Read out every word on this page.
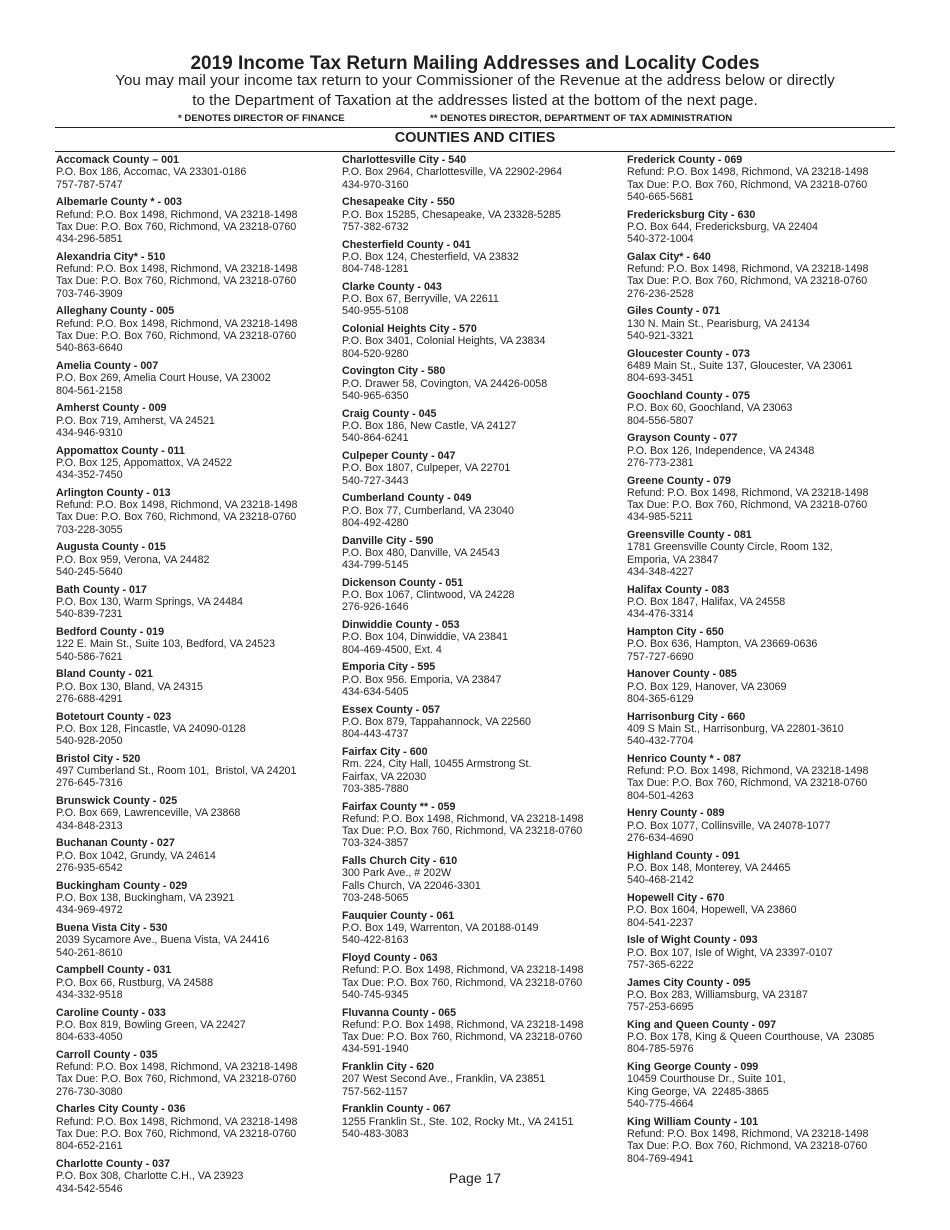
2019 Income Tax Return Mailing Addresses and Locality Codes
You may mail your income tax return to your Commissioner of the Revenue at the address below or directly
to the Department of Taxation at the addresses listed at the bottom of the next page.
* DENOTES DIRECTOR OF FINANCE	** DENOTES DIRECTOR, DEPARTMENT OF TAX ADMINISTRATION
COUNTIES AND CITIES
Accomack County – 001
P.O. Box 186, Accomac, VA 23301-0186
757-787-5747
Albemarle County * - 003
Refund: P.O. Box 1498, Richmond, VA 23218-1498
Tax Due: P.O. Box 760, Richmond, VA 23218-0760
434-296-5851
Alexandria City* - 510
Refund: P.O. Box 1498, Richmond, VA 23218-1498
Tax Due: P.O. Box 760, Richmond, VA 23218-0760
703-746-3909
Alleghany County - 005
Refund: P.O. Box 1498, Richmond, VA 23218-1498
Tax Due: P.O. Box 760, Richmond, VA 23218-0760
540-863-6640
Amelia County - 007
P.O. Box 269, Amelia Court House, VA 23002
804-561-2158
Amherst County - 009
P.O. Box 719, Amherst, VA 24521
434-946-9310
Appomattox County - 011
P.O. Box 125, Appomattox, VA 24522
434-352-7450
Arlington County - 013
Refund: P.O. Box 1498, Richmond, VA 23218-1498
Tax Due: P.O. Box 760, Richmond, VA 23218-0760
703-228-3055
Augusta County - 015
P.O. Box 959, Verona, VA 24482
540-245-5640
Bath County - 017
P.O. Box 130, Warm Springs, VA 24484
540-839-7231
Bedford County - 019
122 E. Main St., Suite 103, Bedford, VA 24523
540-586-7621
Bland County - 021
P.O. Box 130, Bland, VA 24315
276-688-4291
Botetourt County - 023
P.O. Box 128, Fincastle, VA 24090-0128
540-928-2050
Bristol City - 520
497 Cumberland St., Room 101,  Bristol, VA 24201
276-645-7316
Brunswick County - 025
P.O. Box 669, Lawrenceville, VA 23868
434-848-2313
Buchanan County - 027
P.O. Box 1042, Grundy, VA 24614
276-935-6542
Buckingham County - 029
P.O. Box 138, Buckingham, VA 23921
434-969-4972
Buena Vista City - 530
2039 Sycamore Ave., Buena Vista, VA 24416
540-261-8610
Campbell County - 031
P.O. Box 66, Rustburg, VA 24588
434-332-9518
Caroline County - 033
P.O. Box 819, Bowling Green, VA 22427
804-633-4050
Carroll County - 035
Refund: P.O. Box 1498, Richmond, VA 23218-1498
Tax Due: P.O. Box 760, Richmond, VA 23218-0760
276-730-3080
Charles City County - 036
Refund: P.O. Box 1498, Richmond, VA 23218-1498
Tax Due: P.O. Box 760, Richmond, VA 23218-0760
804-652-2161
Charlotte County - 037
P.O. Box 308, Charlotte C.H., VA 23923
434-542-5546
Charlottesville City - 540
P.O. Box 2964, Charlottesville, VA 22902-2964
434-970-3160
Chesapeake City - 550
P.O. Box 15285, Chesapeake, VA 23328-5285
757-382-6732
Chesterfield County - 041
P.O. Box 124, Chesterfield, VA 23832
804-748-1281
Clarke County - 043
P.O. Box 67, Berryville, VA 22611
540-955-5108
Colonial Heights City - 570
P.O. Box 3401, Colonial Heights, VA 23834
804-520-9280
Covington City - 580
P.O. Drawer 58, Covington, VA 24426-0058
540-965-6350
Craig County - 045
P.O. Box 186, New Castle, VA 24127
540-864-6241
Culpeper County - 047
P.O. Box 1807, Culpeper, VA 22701
540-727-3443
Cumberland County - 049
P.O. Box 77, Cumberland, VA 23040
804-492-4280
Danville City - 590
P.O. Box 480, Danville, VA 24543
434-799-5145
Dickenson County - 051
P.O. Box 1067, Clintwood, VA 24228
276-926-1646
Dinwiddie County - 053
P.O. Box 104, Dinwiddie, VA 23841
804-469-4500, Ext. 4
Emporia City - 595
P.O. Box 956. Emporia, VA 23847
434-634-5405
Essex County - 057
P.O. Box 879, Tappahannock, VA 22560
804-443-4737
Fairfax City - 600
Rm. 224, City Hall, 10455 Armstrong St.
Fairfax, VA 22030
703-385-7880
Fairfax County ** - 059
Refund: P.O. Box 1498, Richmond, VA 23218-1498
Tax Due: P.O. Box 760, Richmond, VA 23218-0760
703-324-3857
Falls Church City - 610
300 Park Ave., # 202W
Falls Church, VA 22046-3301
703-248-5065
Fauquier County - 061
P.O. Box 149, Warrenton, VA 20188-0149
540-422-8163
Floyd County - 063
Refund: P.O. Box 1498, Richmond, VA 23218-1498
Tax Due: P.O. Box 760, Richmond, VA 23218-0760
540-745-9345
Fluvanna County - 065
Refund: P.O. Box 1498, Richmond, VA 23218-1498
Tax Due: P.O. Box 760, Richmond, VA 23218-0760
434-591-1940
Franklin City - 620
207 West Second Ave., Franklin, VA 23851
757-562-1157
Franklin County - 067
1255 Franklin St., Ste. 102, Rocky Mt., VA 24151
540-483-3083
Frederick County - 069
Refund: P.O. Box 1498, Richmond, VA 23218-1498
Tax Due: P.O. Box 760, Richmond, VA 23218-0760
540-665-5681
Fredericksburg City - 630
P.O. Box 644, Fredericksburg, VA 22404
540-372-1004
Galax City* - 640
Refund: P.O. Box 1498, Richmond, VA 23218-1498
Tax Due: P.O. Box 760, Richmond, VA 23218-0760
276-236-2528
Giles County - 071
130 N. Main St., Pearisburg, VA 24134
540-921-3321
Gloucester County - 073
6489 Main St., Suite 137, Gloucester, VA 23061
804-693-3451
Goochland County - 075
P.O. Box 60, Goochland, VA 23063
804-556-5807
Grayson County - 077
P.O. Box 126, Independence, VA 24348
276-773-2381
Greene County - 079
Refund: P.O. Box 1498, Richmond, VA 23218-1498
Tax Due: P.O. Box 760, Richmond, VA 23218-0760
434-985-5211
Greensville County - 081
1781 Greensville County Circle, Room 132,
Emporia, VA 23847
434-348-4227
Halifax County - 083
P.O. Box 1847, Halifax, VA 24558
434-476-3314
Hampton City - 650
P.O. Box 636, Hampton, VA 23669-0636
757-727-6690
Hanover County - 085
P.O. Box 129, Hanover, VA 23069
804-365-6129
Harrisonburg City - 660
409 S Main St., Harrisonburg, VA 22801-3610
540-432-7704
Henrico County * - 087
Refund: P.O. Box 1498, Richmond, VA 23218-1498
Tax Due: P.O. Box 760, Richmond, VA 23218-0760
804-501-4263
Henry County - 089
P.O. Box 1077, Collinsville, VA 24078-1077
276-634-4690
Highland County - 091
P.O. Box 148, Monterey, VA 24465
540-468-2142
Hopewell City - 670
P.O. Box 1604, Hopewell, VA 23860
804-541-2237
Isle of Wight County - 093
P.O. Box 107, Isle of Wight, VA 23397-0107
757-365-6222
James City County - 095
P.O. Box 283, Williamsburg, VA 23187
757-253-6695
King and Queen County - 097
P.O. Box 178, King & Queen Courthouse, VA  23085
804-785-5976
King George County - 099
10459 Courthouse Dr., Suite 101,
King George, VA  22485-3865
540-775-4664
King William County - 101
Refund: P.O. Box 1498, Richmond, VA 23218-1498
Tax Due: P.O. Box 760, Richmond, VA 23218-0760
804-769-4941
Page 17
